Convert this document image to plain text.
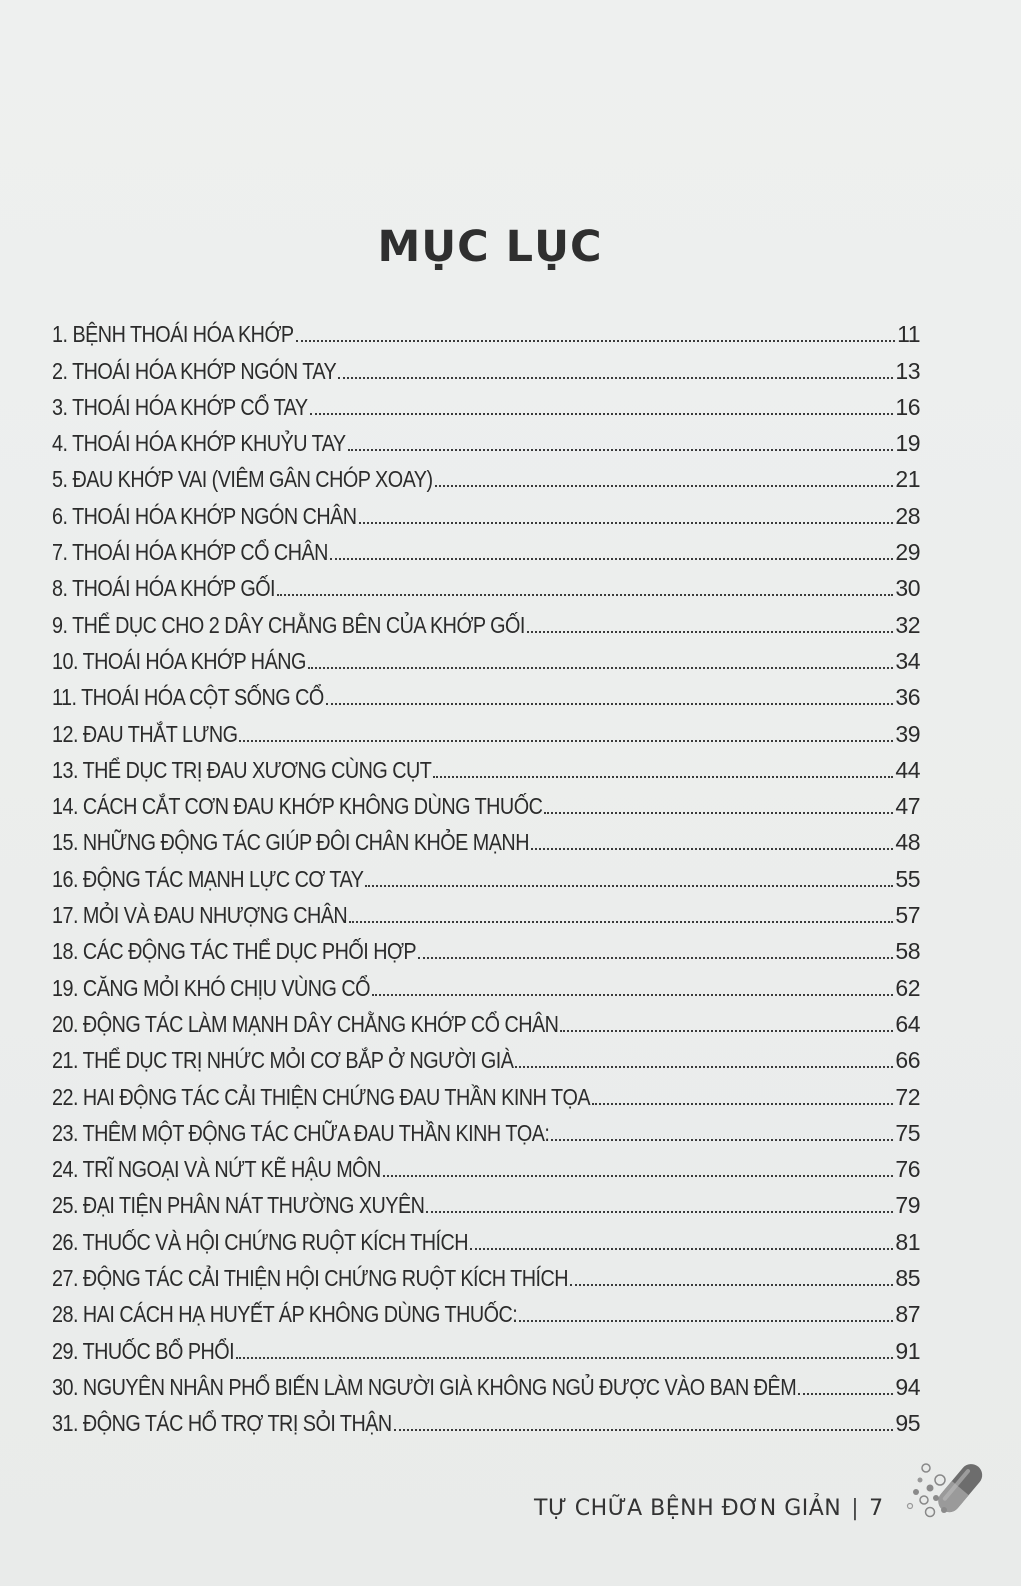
MỤC LỤC
1. BỆNH THOÁI HÓA KHỚP	11
2. THOÁI HÓA KHỚP NGÓN TAY	13
3. THOÁI HÓA KHỚP CỔ TAY	16
4. THOÁI HÓA KHỚP KHUỶU TAY	19
5. ĐAU KHỚP VAI (VIÊM GÂN CHÓP XOAY)	21
6. THOÁI HÓA KHỚP NGÓN CHÂN	28
7. THOÁI HÓA KHỚP CỔ CHÂN	29
8. THOÁI HÓA KHỚP GỐI	30
9. THỂ DỤC CHO 2 DÂY CHẰNG BÊN CỦA KHỚP GỐI	32
10. THOÁI HÓA KHỚP HÁNG	34
11. THOÁI HÓA CỘT SỐNG CỔ	36
12. ĐAU THẮT LƯNG	39
13. THỂ DỤC TRỊ ĐAU XƯƠNG CÙNG CỤT	44
14. CÁCH CẮT CƠN ĐAU KHỚP KHÔNG DÙNG THUỐC	47
15. NHỮNG ĐỘNG TÁC GIÚP ĐÔI CHÂN KHỎE MẠNH	48
16. ĐỘNG TÁC MẠNH LỰC CƠ TAY	55
17. MỎI VÀ ĐAU NHƯỢNG CHÂN	57
18. CÁC ĐỘNG TÁC THỂ DỤC PHỐI HỢP	58
19. CĂNG MỎI KHÓ CHỊU VÙNG CỔ	62
20. ĐỘNG TÁC LÀM MẠNH DÂY CHẰNG KHỚP CỔ CHÂN	64
21. THỂ DỤC TRỊ NHỨC MỎI CƠ BẮP Ở NGƯỜI GIÀ	66
22. HAI ĐỘNG TÁC CẢI THIỆN CHỨNG ĐAU THẦN KINH TỌA	72
23. THÊM MỘT ĐỘNG TÁC CHỮA ĐAU THẦN KINH TỌA:	75
24. TRĨ NGOẠI VÀ NỨT KẼ HẬU MÔN	76
25. ĐẠI TIỆN PHÂN NÁT THƯỜNG XUYÊN	79
26. THUỐC VÀ HỘI CHỨNG RUỘT KÍCH THÍCH	81
27. ĐỘNG TÁC CẢI THIỆN HỘI CHỨNG RUỘT KÍCH THÍCH	85
28. HAI CÁCH HẠ HUYẾT ÁP KHÔNG DÙNG THUỐC:	87
29. THUỐC BỔ PHỔI	91
30. NGUYÊN NHÂN PHỔ BIẾN LÀM NGƯỜI GIÀ KHÔNG NGỦ ĐƯỢC VÀO BAN ĐÊM	94
31. ĐỘNG TÁC HỔ TRỢ TRỊ SỎI THẬN	95
TỰ CHỮA BỆNH ĐƠN GIẢN | 7
